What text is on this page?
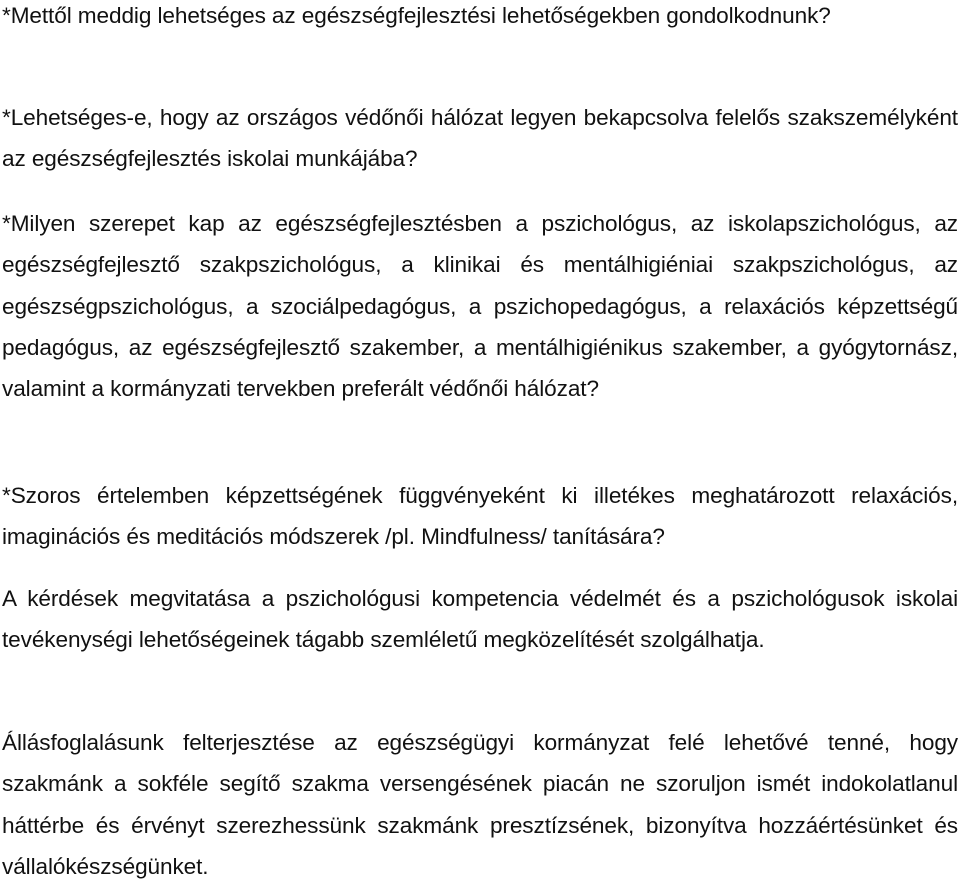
*Mettől meddig lehetséges az egészségfejlesztési lehetőségekben gondolkodnunk?

*Lehetséges-e, hogy az országos védőnői hálózat legyen bekapcsolva felelős szakszemélyként az egészségfejlesztés iskolai munkájába?

*Milyen szerepet kap az egészségfejlesztésben a pszichológus, az iskolapszichológus, az egészségfejlesztő szakpszichológus, a klinikai és mentálhigiéniai szakpszichológus, az egészségpszichológus, a szociálpedagógus, a pszichopedagógus, a relaxációs képzettségű pedagógus, az egészségfejlesztő szakember, a mentálhigiénikus szakember, a gyógytornász, valamint a kormányzati tervekben preferált védőnői hálózat?

*Szoros értelemben képzettségének függvényeként ki illetékes meghatározott relaxációs, imaginációs és meditációs módszerek /pl. Mindfulness/ tanítására?

A kérdések megvitatása a pszichológusi kompetencia védelmét és a pszichológusok iskolai tevékenységi lehetőségeinek tágabb szemléletű megközelítését szolgálhatja.

Állásfoglalásunk felterjesztése az egészségügyi kormányzat felé lehetővé tenné, hogy szakmánk a sokféle segítő szakma versengésének piacán ne szoruljon ismét indokolatlanul háttérbe és érvényt szerezhessünk szakmánk presztízsének, bizonyítva hozzáértésünket és vállalókészségünket.
